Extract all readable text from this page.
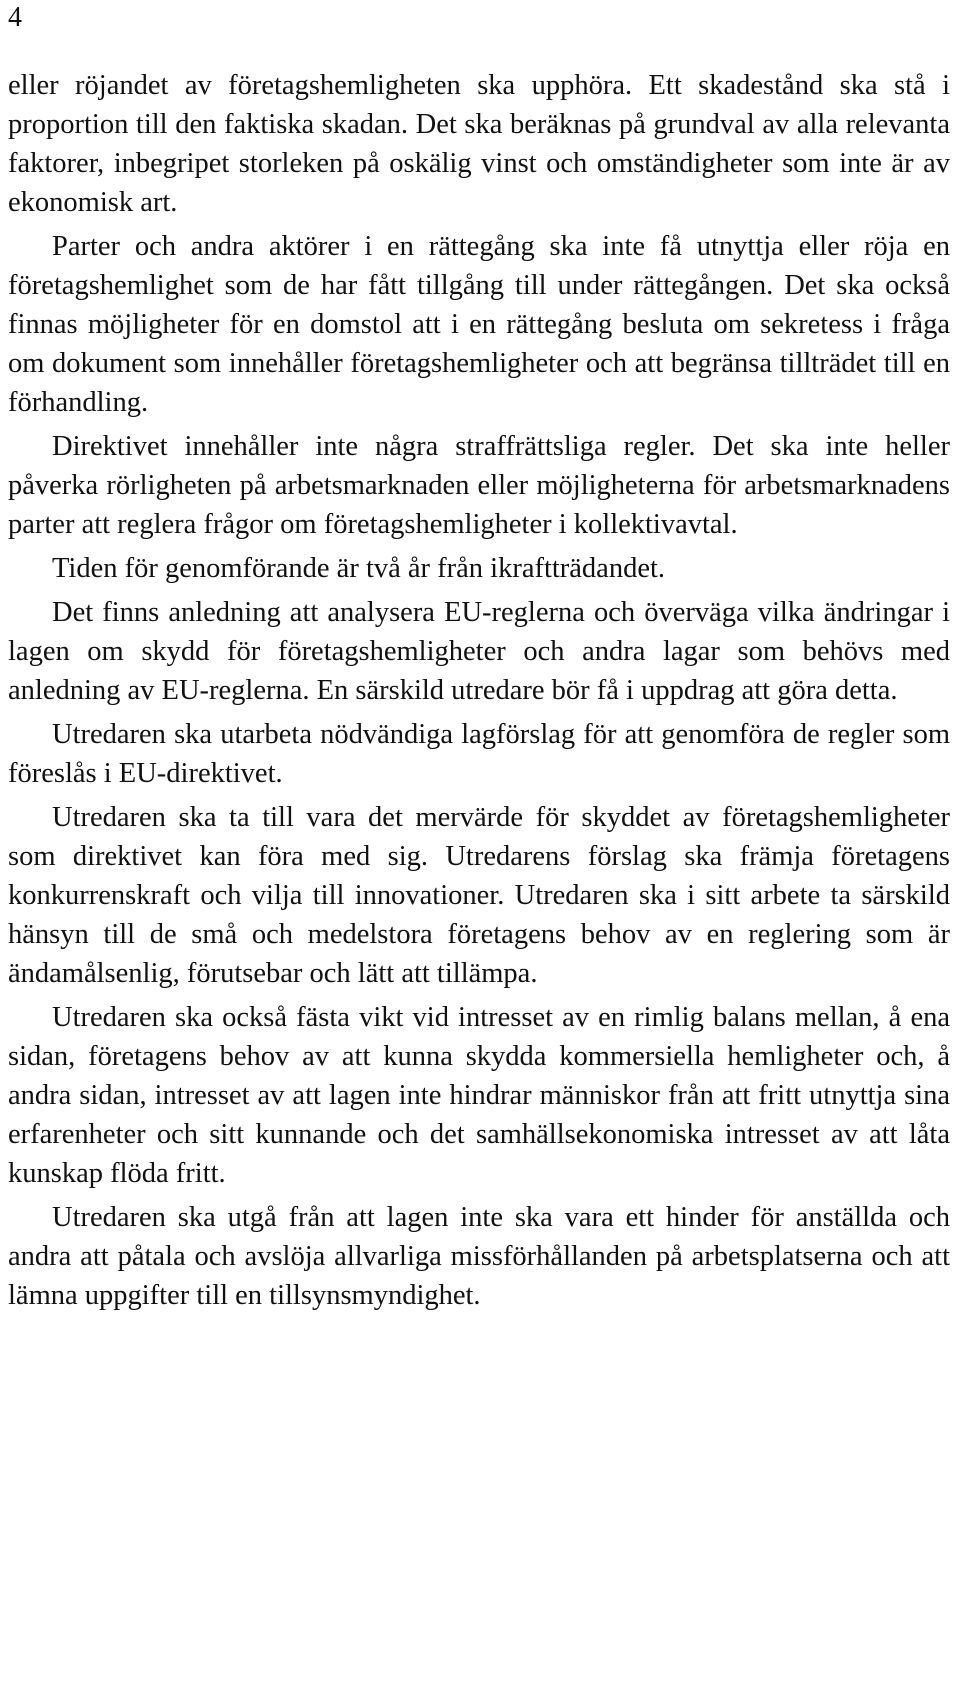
4

eller röjandet av företagshemligheten ska upphöra. Ett skadestånd ska stå i proportion till den faktiska skadan. Det ska beräknas på grundval av alla relevanta faktorer, inbegripet storleken på oskälig vinst och omständigheter som inte är av ekonomisk art.

Parter och andra aktörer i en rättegång ska inte få utnyttja eller röja en företagshemlighet som de har fått tillgång till under rättegången. Det ska också finnas möjligheter för en domstol att i en rättegång besluta om sekretess i fråga om dokument som innehåller företagshemligheter och att begränsa tillträdet till en förhandling.

Direktivet innehåller inte några straffrättsliga regler. Det ska inte heller påverka rörligheten på arbetsmarknaden eller möjligheterna för arbetsmarknadens parter att reglera frågor om företagshemligheter i kollektivavtal.

Tiden för genomförande är två år från ikraftträdandet.

Det finns anledning att analysera EU-reglerna och överväga vilka ändringar i lagen om skydd för företagshemligheter och andra lagar som behövs med anledning av EU-reglerna. En särskild utredare bör få i uppdrag att göra detta.

Utredaren ska utarbeta nödvändiga lagförslag för att genomföra de regler som föreslås i EU-direktivet.

Utredaren ska ta till vara det mervärde för skyddet av företagshemligheter som direktivet kan föra med sig. Utredarens förslag ska främja företagens konkurrenskraft och vilja till innovationer. Utredaren ska i sitt arbete ta särskild hänsyn till de små och medelstora företagens behov av en reglering som är ändamålsenlig, förutsebar och lätt att tillämpa.

Utredaren ska också fästa vikt vid intresset av en rimlig balans mellan, å ena sidan, företagens behov av att kunna skydda kommersiella hemligheter och, å andra sidan, intresset av att lagen inte hindrar människor från att fritt utnyttja sina erfarenheter och sitt kunnande och det samhällsekonomiska intresset av att låta kunskap flöda fritt.

Utredaren ska utgå från att lagen inte ska vara ett hinder för anställda och andra att påtala och avslöja allvarliga missförhållanden på arbetsplatserna och att lämna uppgifter till en tillsynsmyndighet.
